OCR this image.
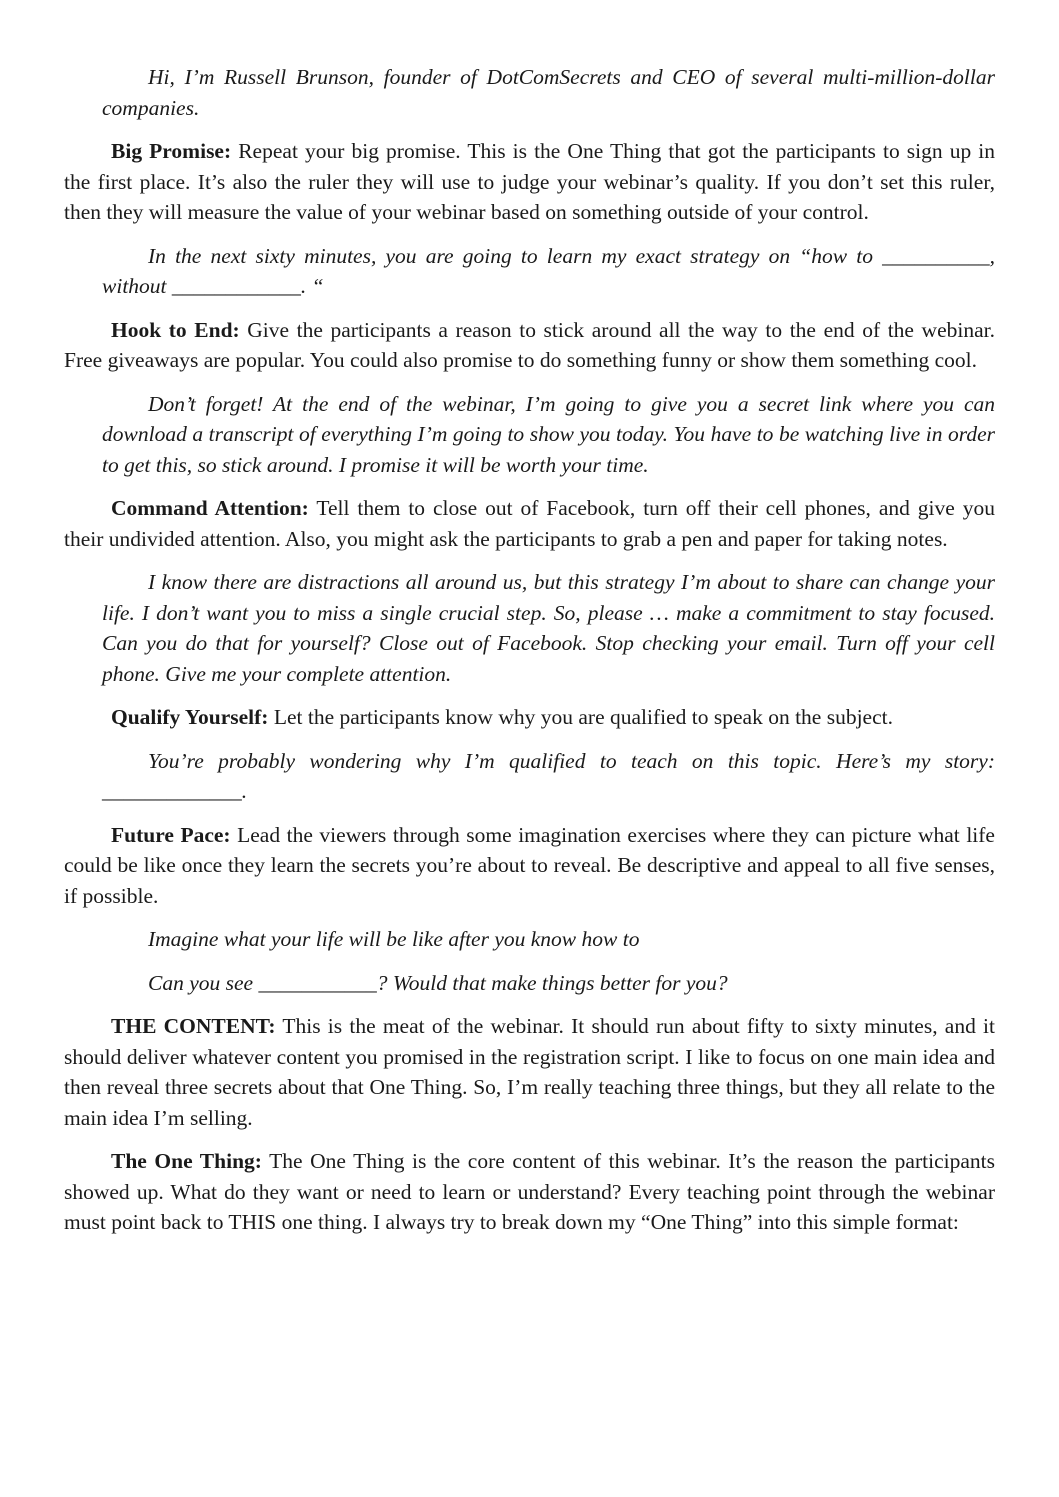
Hi, I’m Russell Brunson, founder of DotComSecrets and CEO of several multi-million-dollar companies.

Big Promise: Repeat your big promise. This is the One Thing that got the participants to sign up in the first place. It’s also the ruler they will use to judge your webinar’s quality. If you don’t set this ruler, then they will measure the value of your webinar based on something outside of your control.

In the next sixty minutes, you are going to learn my exact strategy on “how to __________, without ____________. “

Hook to End: Give the participants a reason to stick around all the way to the end of the webinar. Free giveaways are popular. You could also promise to do something funny or show them something cool.

Don’t forget! At the end of the webinar, I’m going to give you a secret link where you can download a transcript of everything I’m going to show you today. You have to be watching live in order to get this, so stick around. I promise it will be worth your time.

Command Attention: Tell them to close out of Facebook, turn off their cell phones, and give you their undivided attention. Also, you might ask the participants to grab a pen and paper for taking notes.

I know there are distractions all around us, but this strategy I’m about to share can change your life. I don’t want you to miss a single crucial step. So, please … make a commitment to stay focused. Can you do that for yourself? Close out of Facebook. Stop checking your email. Turn off your cell phone. Give me your complete attention.

Qualify Yourself: Let the participants know why you are qualified to speak on the subject.

You’re probably wondering why I’m qualified to teach on this topic. Here’s my story: _____________.

Future Pace: Lead the viewers through some imagination exercises where they can picture what life could be like once they learn the secrets you’re about to reveal. Be descriptive and appeal to all five senses, if possible.

Imagine what your life will be like after you know how to

Can you see ___________? Would that make things better for you?

THE CONTENT: This is the meat of the webinar. It should run about fifty to sixty minutes, and it should deliver whatever content you promised in the registration script. I like to focus on one main idea and then reveal three secrets about that One Thing. So, I’m really teaching three things, but they all relate to the main idea I’m selling.

The One Thing: The One Thing is the core content of this webinar. It’s the reason the participants showed up. What do they want or need to learn or understand? Every teaching point through the webinar must point back to THIS one thing. I always try to break down my “One Thing” into this simple format:
